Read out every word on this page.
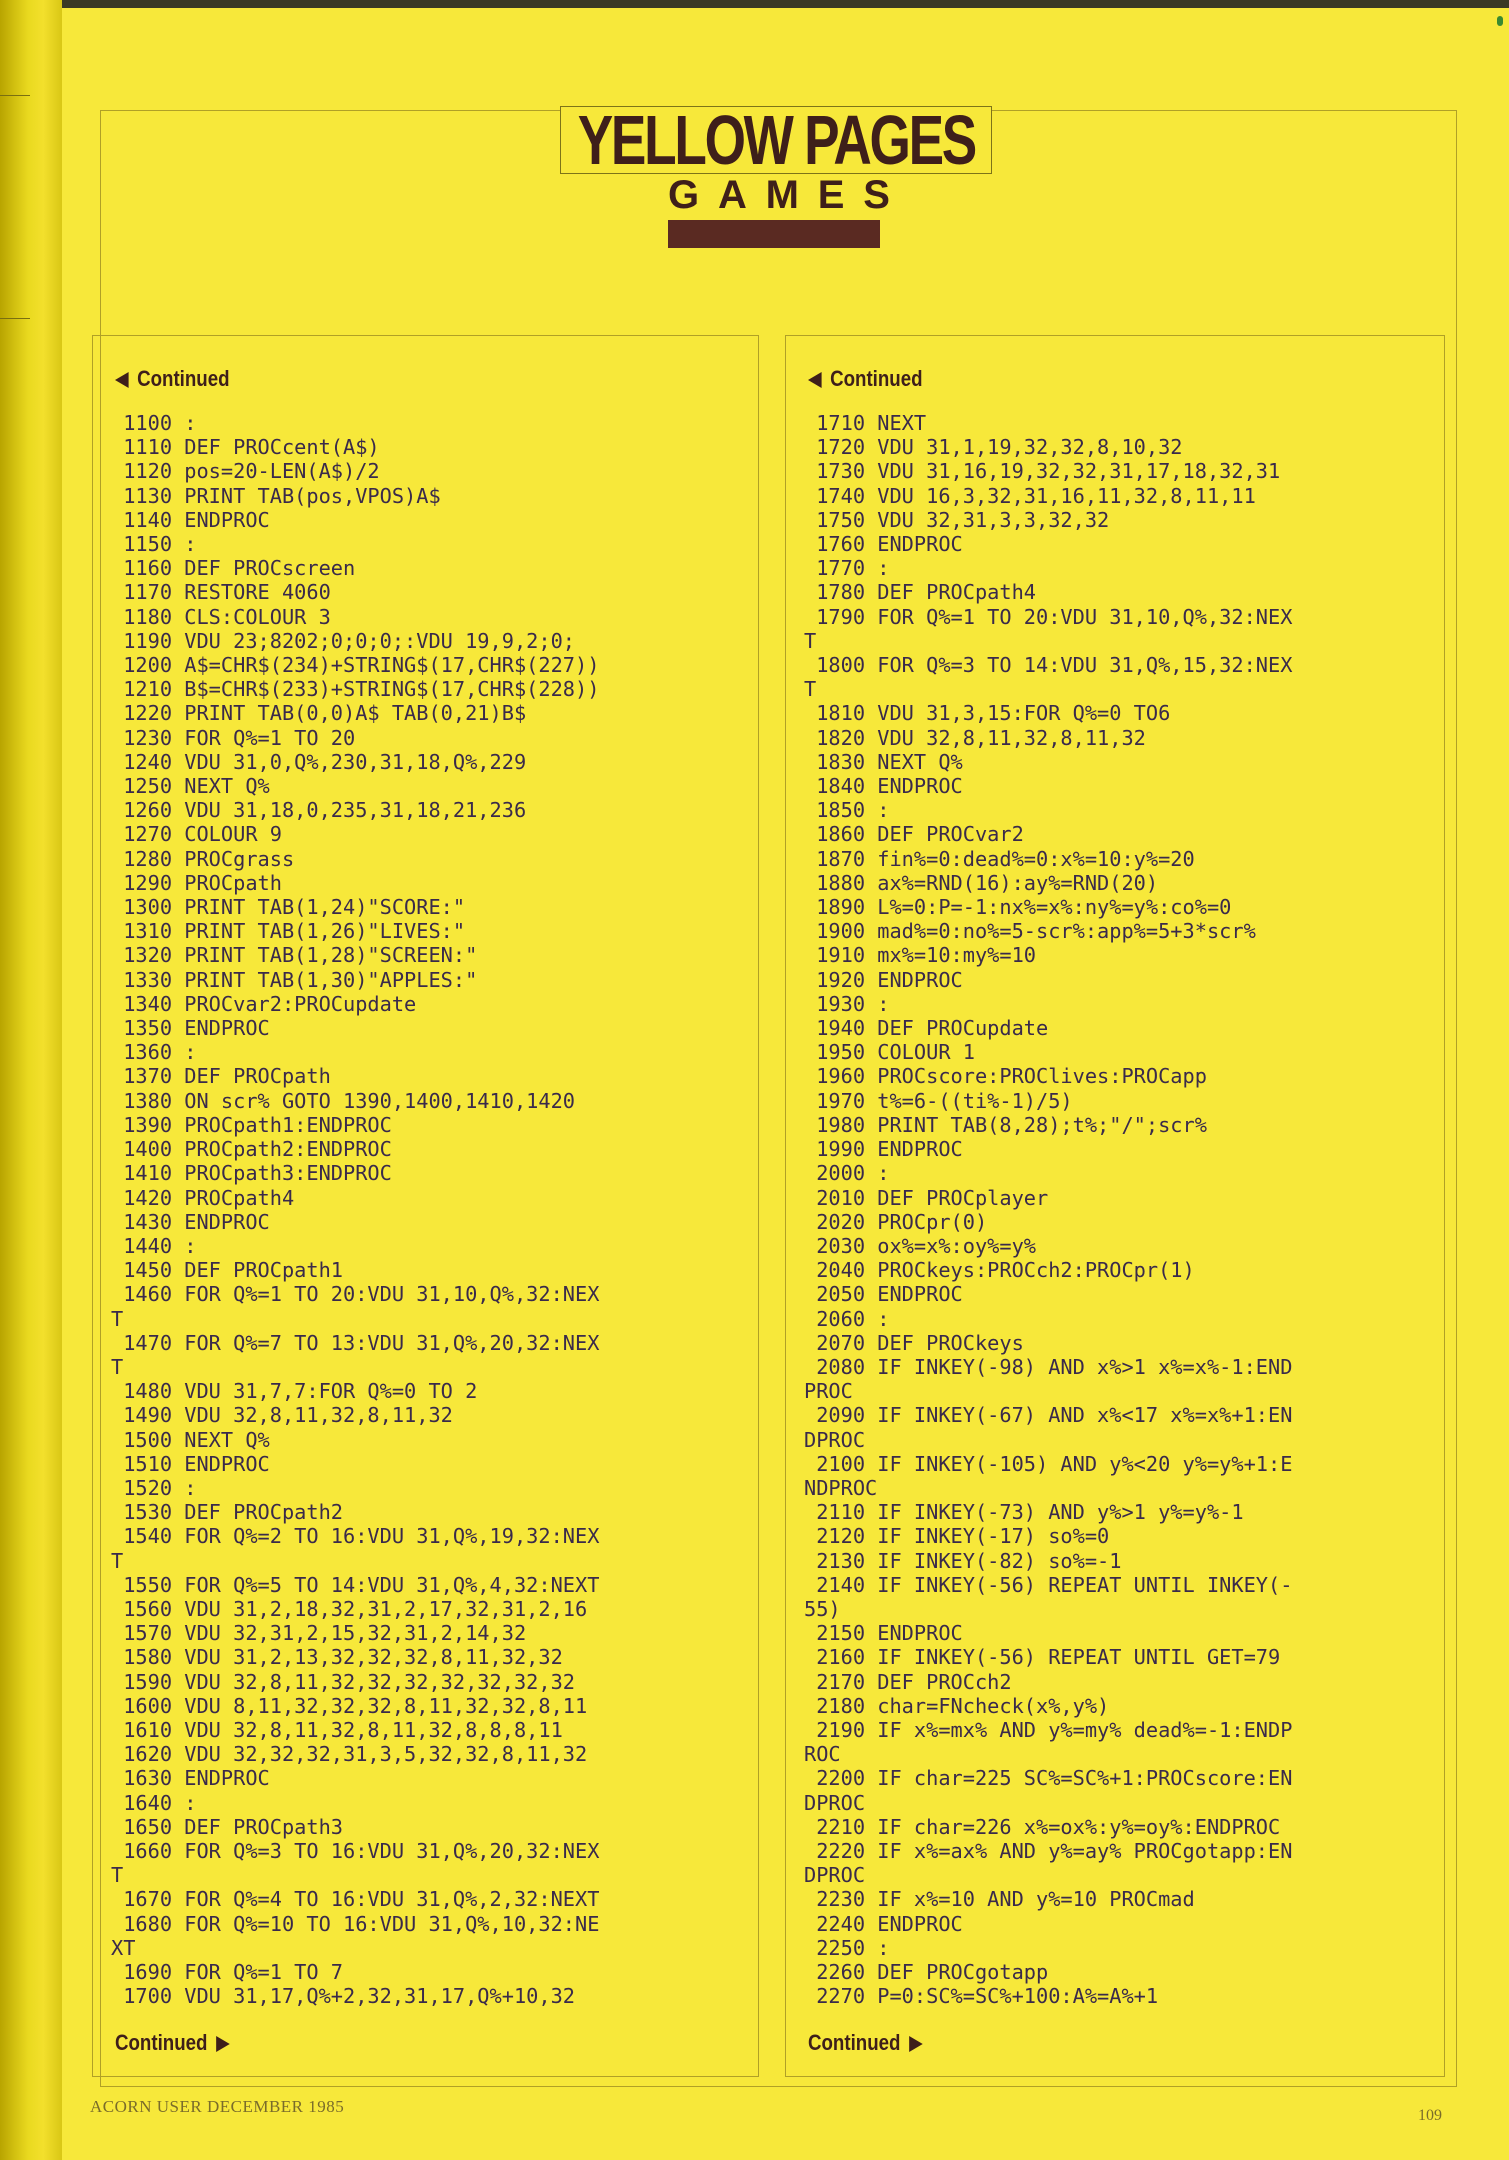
YELLOW PAGES
G A M E S
Continued
1100 :
1110 DEF PROCcent(A$)
1120 pos=20-LEN(A$)/2
1130 PRINT TAB(pos,VPOS)A$
1140 ENDPROC
1150 :
1160 DEF PROCscreen
1170 RESTORE 4060
1180 CLS:COLOUR 3
1190 VDU 23;8202;0;0;0;:VDU 19,9,2;0;
1200 A$=CHR$(234)+STRING$(17,CHR$(227))
1210 B$=CHR$(233)+STRING$(17,CHR$(228))
1220 PRINT TAB(0,0)A$ TAB(0,21)B$
1230 FOR Q%=1 TO 20
1240 VDU 31,0,Q%,230,31,18,Q%,229
1250 NEXT Q%
1260 VDU 31,18,0,235,31,18,21,236
1270 COLOUR 9
1280 PROCgrass
1290 PROCpath
1300 PRINT TAB(1,24)"SCORE:"
1310 PRINT TAB(1,26)"LIVES:"
1320 PRINT TAB(1,28)"SCREEN:"
1330 PRINT TAB(1,30)"APPLES:"
1340 PROCvar2:PROCupdate
1350 ENDPROC
1360 :
1370 DEF PROCpath
1380 ON scr% GOTO 1390,1400,1410,1420
1390 PROCpath1:ENDPROC
1400 PROCpath2:ENDPROC
1410 PROCpath3:ENDPROC
1420 PROCpath4
1430 ENDPROC
1440 :
1450 DEF PROCpath1
1460 FOR Q%=1 TO 20:VDU 31,10,Q%,32:NEX
T
1470 FOR Q%=7 TO 13:VDU 31,Q%,20,32:NEX
T
1480 VDU 31,7,7:FOR Q%=0 TO 2
1490 VDU 32,8,11,32,8,11,32
1500 NEXT Q%
1510 ENDPROC
1520 :
1530 DEF PROCpath2
1540 FOR Q%=2 TO 16:VDU 31,Q%,19,32:NEX
T
1550 FOR Q%=5 TO 14:VDU 31,Q%,4,32:NEXT
1560 VDU 31,2,18,32,31,2,17,32,31,2,16
1570 VDU 32,31,2,15,32,31,2,14,32
1580 VDU 31,2,13,32,32,32,8,11,32,32
1590 VDU 32,8,11,32,32,32,32,32,32,32
1600 VDU 8,11,32,32,32,8,11,32,32,8,11
1610 VDU 32,8,11,32,8,11,32,8,8,8,11
1620 VDU 32,32,32,31,3,5,32,32,8,11,32
1630 ENDPROC
1640 :
1650 DEF PROCpath3
1660 FOR Q%=3 TO 16:VDU 31,Q%,20,32:NEX
T
1670 FOR Q%=4 TO 16:VDU 31,Q%,2,32:NEXT
1680 FOR Q%=10 TO 16:VDU 31,Q%,10,32:NE
XT
1690 FOR Q%=1 TO 7
1700 VDU 31,17,Q%+2,32,31,17,Q%+10,32
Continued
Continued
1710 NEXT
1720 VDU 31,1,19,32,32,8,10,32
1730 VDU 31,16,19,32,32,31,17,18,32,31
1740 VDU 16,3,32,31,16,11,32,8,11,11
1750 VDU 32,31,3,3,32,32
1760 ENDPROC
1770 :
1780 DEF PROCpath4
1790 FOR Q%=1 TO 20:VDU 31,10,Q%,32:NEX
T
1800 FOR Q%=3 TO 14:VDU 31,Q%,15,32:NEX
T
1810 VDU 31,3,15:FOR Q%=0 TO6
1820 VDU 32,8,11,32,8,11,32
1830 NEXT Q%
1840 ENDPROC
1850 :
1860 DEF PROCvar2
1870 fin%=0:dead%=0:x%=10:y%=20
1880 ax%=RND(16):ay%=RND(20)
1890 L%=0:P=-1:nx%=x%:ny%=y%:co%=0
1900 mad%=0:no%=5-scr%:app%=5+3*scr%
1910 mx%=10:my%=10
1920 ENDPROC
1930 :
1940 DEF PROCupdate
1950 COLOUR 1
1960 PROCscore:PROClives:PROCapp
1970 t%=6-((ti%-1)/5)
1980 PRINT TAB(8,28);t%;"/";scr%
1990 ENDPROC
2000 :
2010 DEF PROCplayer
2020 PROCpr(0)
2030 ox%=x%:oy%=y%
2040 PROCkeys:PROCch2:PROCpr(1)
2050 ENDPROC
2060 :
2070 DEF PROCkeys
2080 IF INKEY(-98) AND x%>1 x%=x%-1:END
PROC
2090 IF INKEY(-67) AND x%<17 x%=x%+1:EN
DPROC
2100 IF INKEY(-105) AND y%<20 y%=y%+1:E
NDPROC
2110 IF INKEY(-73) AND y%>1 y%=y%-1
2120 IF INKEY(-17) so%=0
2130 IF INKEY(-82) so%=-1
2140 IF INKEY(-56) REPEAT UNTIL INKEY(-
55)
2150 ENDPROC
2160 IF INKEY(-56) REPEAT UNTIL GET=79
2170 DEF PROCch2
2180 char=FNcheck(x%,y%)
2190 IF x%=mx% AND y%=my% dead%=-1:ENDP
ROC
2200 IF char=225 SC%=SC%+1:PROCscore:EN
DPROC
2210 IF char=226 x%=ox%:y%=oy%:ENDPROC
2220 IF x%=ax% AND y%=ay% PROCgotapp:EN
DPROC
2230 IF x%=10 AND y%=10 PROCmad
2240 ENDPROC
2250 :
2260 DEF PROCgotapp
2270 P=0:SC%=SC%+100:A%=A%+1
Continued
ACORN USER DECEMBER 1985	109
